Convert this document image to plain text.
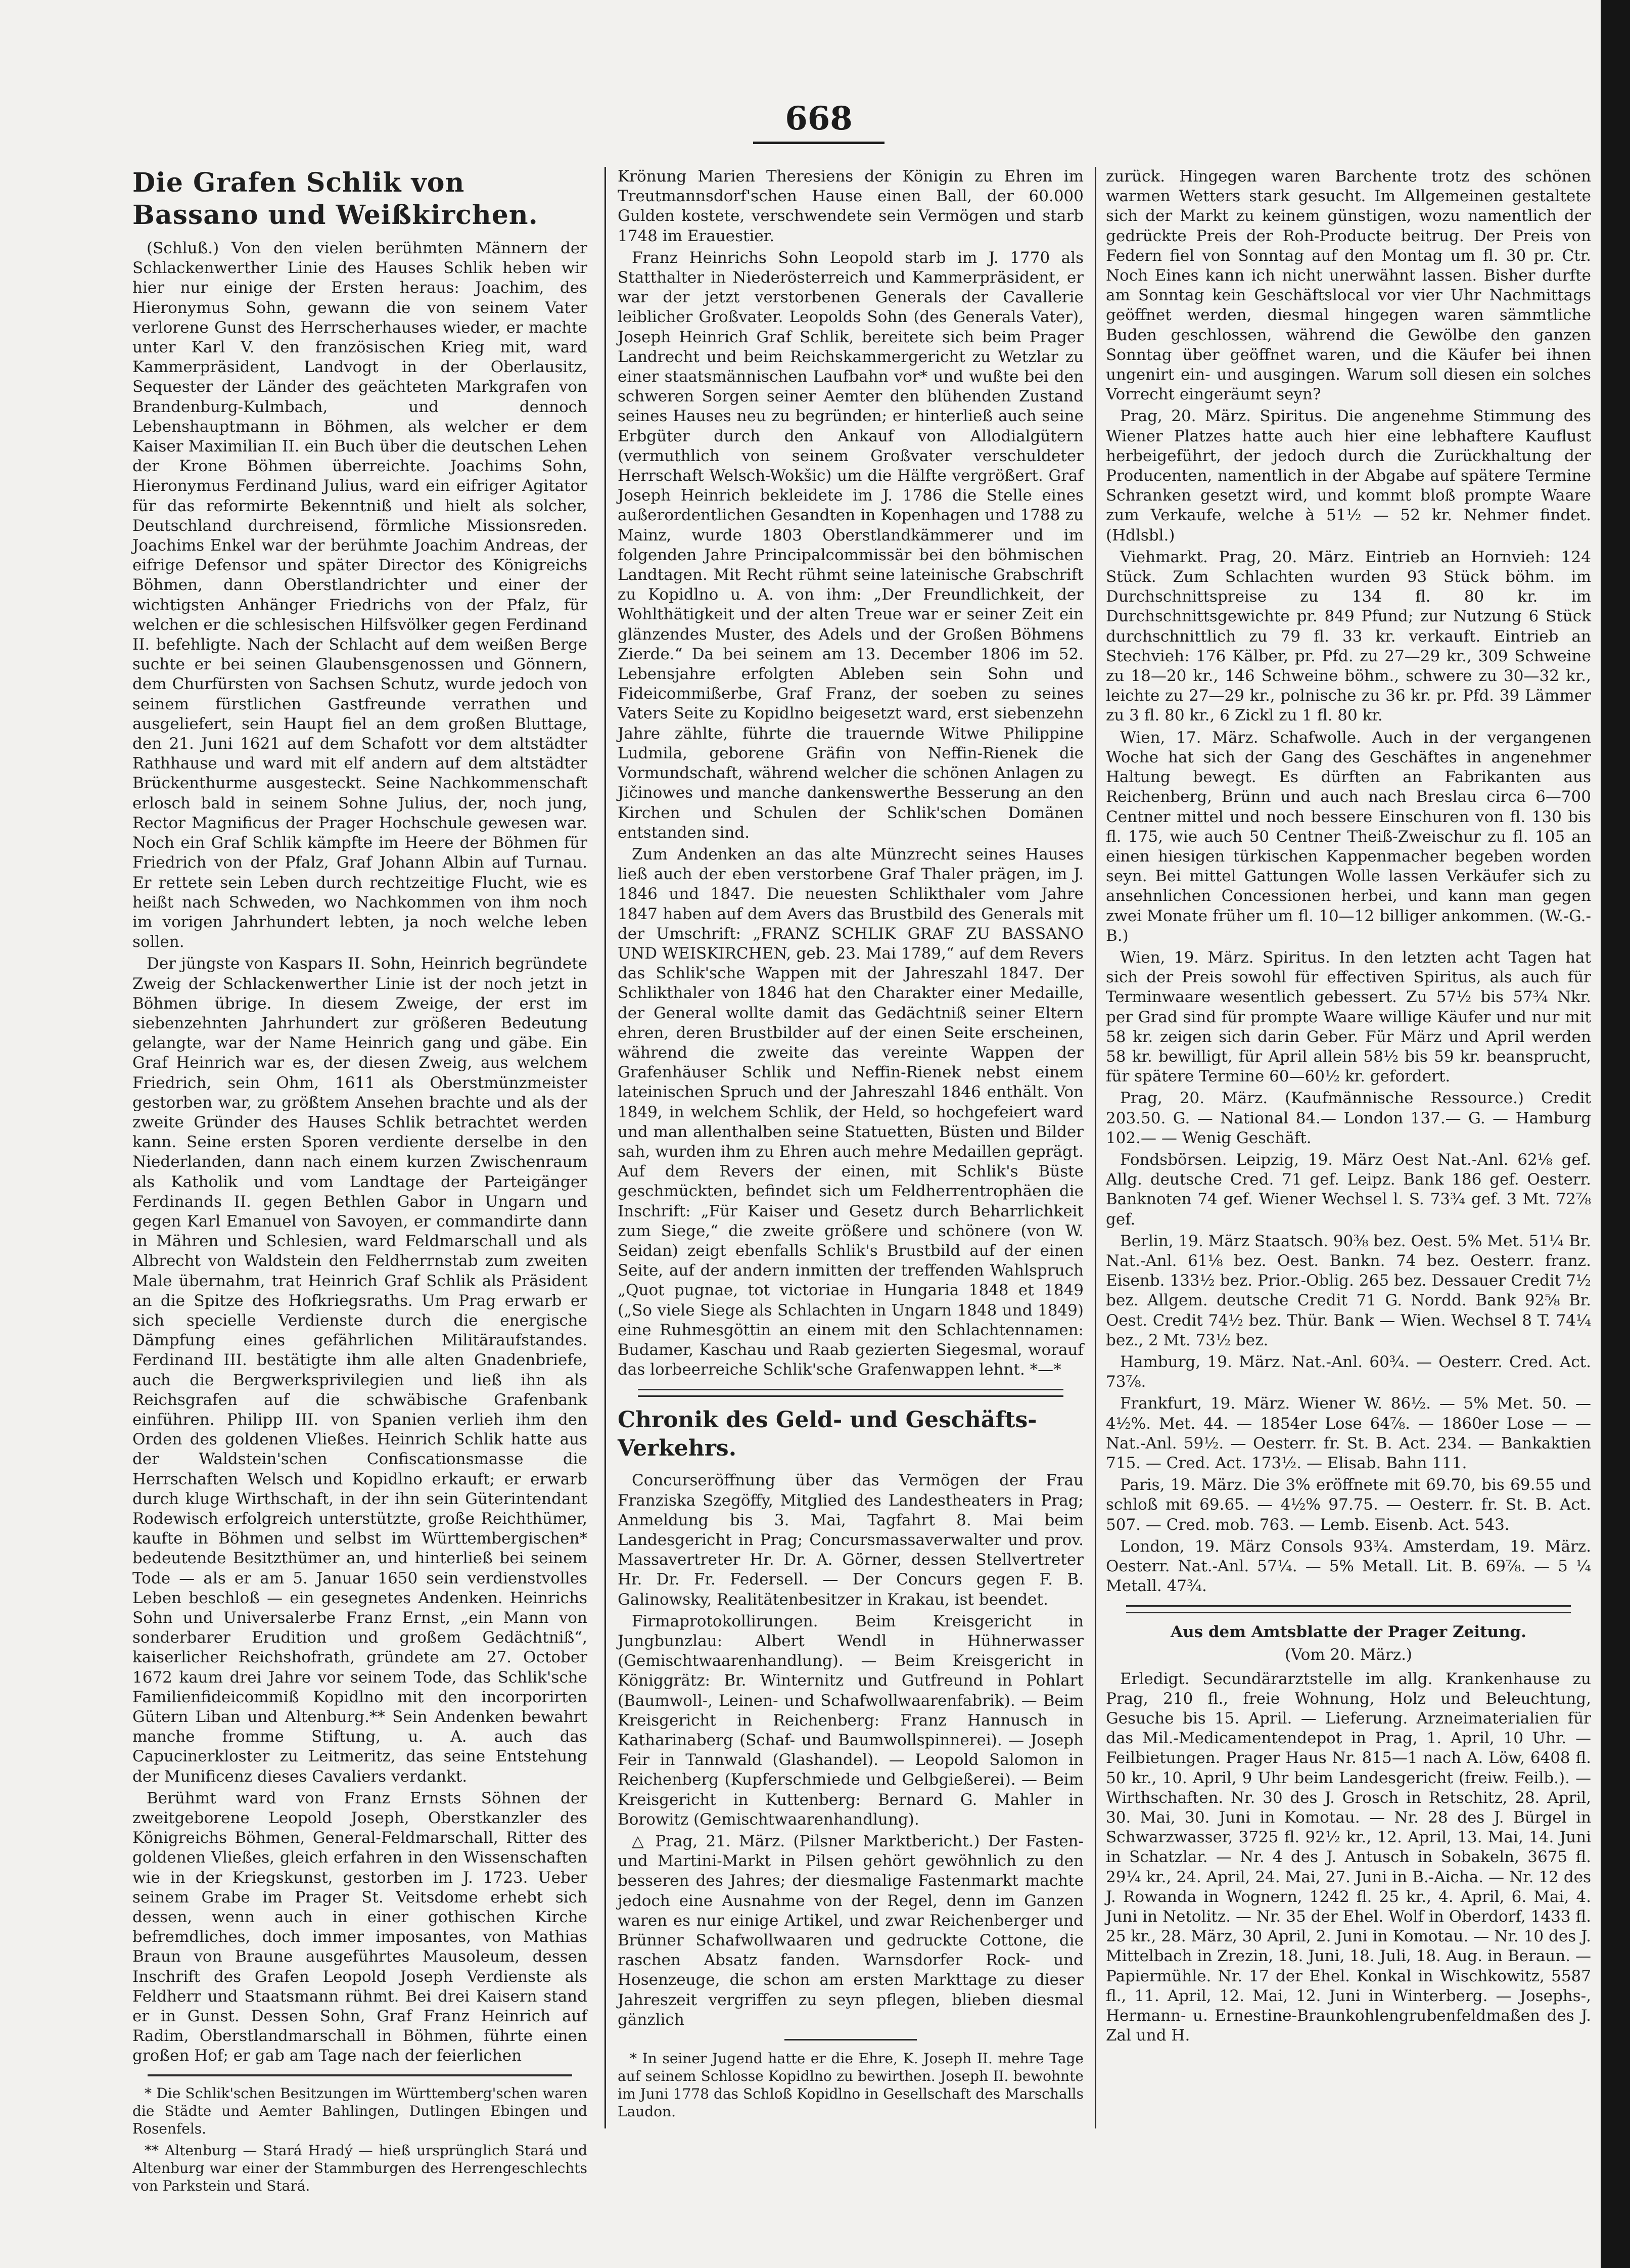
668
Die Grafen Schlik von Bassano und Weißkirchen.

(Schluß.) Von den vielen berühmten Männern der Schlackenwerther Linie des Hauses Schlik heben wir hier nur einige der Ersten heraus: Joachim, des Hieronymus Sohn, gewann die von seinem Vater verlorene Gunst des Herrscherhauses wieder, er machte unter Karl V. den französischen Krieg mit, ward Kammerpräsident, Landvogt in der Oberlausitz, Sequester der Länder des geächteten Markgrafen von Brandenburg-Kulmbach, und dennoch Lebenshauptmann in Böhmen, als welcher er dem Kaiser Maximilian II. ein Buch über die deutschen Lehen der Krone Böhmen überreichte. Joachims Sohn, Hieronymus Ferdinand Julius, ward ein eifriger Agitator für das reformirte Bekenntniß und hielt als solcher, Deutschland durchreisend, förmliche Missionsreden. Joachims Enkel war der berühmte Joachim Andreas, der eifrige Defensor und später Director des Königreichs Böhmen, dann Oberstlandrichter und einer der wichtigsten Anhänger Friedrichs von der Pfalz, für welchen er die schlesischen Hilfsvölker gegen Ferdinand II. befehligte. Nach der Schlacht auf dem weißen Berge suchte er bei seinen Glaubensgenossen und Gönnern, dem Churfürsten von Sachsen Schutz, wurde jedoch von seinem fürstlichen Gastfreunde verrathen und ausgeliefert, sein Haupt fiel an dem großen Bluttage, den 21. Juni 1621 auf dem Schafott vor dem altstädter Rathhause und ward mit elf andern auf dem altstädter Brückenthurme ausgesteckt. Seine Nachkommenschaft erlosch bald in seinem Sohne Julius, der, noch jung, Rector Magnificus der Prager Hochschule gewesen war. Noch ein Graf Schlik kämpfte im Heere der Böhmen für Friedrich von der Pfalz, Graf Johann Albin auf Turnau. Er rettete sein Leben durch rechtzeitige Flucht, wie es heißt nach Schweden, wo Nachkommen von ihm noch im vorigen Jahrhundert lebten, ja noch welche leben sollen.

Der jüngste von Kaspars II. Sohn, Heinrich begründete Zweig der Schlackenwerther Linie ist der noch jetzt in Böhmen übrige. In diesem Zweige, der erst im siebenzehnten Jahrhundert zur größeren Bedeutung gelangte, war der Name Heinrich gang und gäbe. Ein Graf Heinrich war es, der diesen Zweig, aus welchem Friedrich, sein Ohm, 1611 als Oberstmünzmeister gestorben war, zu größtem Ansehen brachte und als der zweite Gründer des Hauses Schlik betrachtet werden kann. Seine ersten Sporen verdiente derselbe in den Niederlanden, dann nach einem kurzen Zwischenraum als Katholik und vom Landtage der Parteigänger Ferdinands II. gegen Bethlen Gabor in Ungarn und gegen Karl Emanuel von Savoyen, er commandirte dann in Mähren und Schlesien, ward Feldmarschall und als Albrecht von Waldstein den Feldherrnstab zum zweiten Male übernahm, trat Heinrich Graf Schlik als Präsident an die Spitze des Hofkriegsraths. Um Prag erwarb er sich specielle Verdienste durch die energische Dämpfung eines gefährlichen Militäraufstandes. Ferdinand III. bestätigte ihm alle alten Gnadenbriefe, auch die Bergwerksprivilegien und ließ ihn als Reichsgrafen auf die schwäbische Grafenbank einführen. Philipp III. von Spanien verlieh ihm den Orden des goldenen Vließes. Heinrich Schlik hatte aus der Waldstein'schen Confiscationsmasse die Herrschaften Welsch und Kopidlno erkauft; er erwarb durch kluge Wirthschaft, in der ihn sein Güterintendant Rodewisch erfolgreich unterstützte, große Reichthümer, kaufte in Böhmen und selbst im Württembergischen* bedeutende Besitzthümer an, und hinterließ bei seinem Tode — als er am 5. Januar 1650 sein verdienstvolles Leben beschloß — ein gesegnetes Andenken. Heinrichs Sohn und Universalerbe Franz Ernst, „ein Mann von sonderbarer Erudition und großem Gedächtniß“, kaiserlicher Reichshofrath, gründete am 27. October 1672 kaum drei Jahre vor seinem Tode, das Schlik'sche Familienfideicommiß Kopidlno mit den incorporirten Gütern Liban und Altenburg.** Sein Andenken bewahrt manche fromme Stiftung, u. A. auch das Capucinerkloster zu Leitmeritz, das seine Entstehung der Munificenz dieses Cavaliers verdankt.

Berühmt ward von Franz Ernsts Söhnen der zweitgeborene Leopold Joseph, Oberstkanzler des Königreichs Böhmen, General-Feldmarschall, Ritter des goldenen Vließes, gleich erfahren in den Wissenschaften wie in der Kriegskunst, gestorben im J. 1723. Ueber seinem Grabe im Prager St. Veitsdome erhebt sich dessen, wenn auch in einer gothischen Kirche befremdliches, doch immer imposantes, von Mathias Braun von Braune ausgeführtes Mausoleum, dessen Inschrift des Grafen Leopold Joseph Verdienste als Feldherr und Staatsmann rühmt. Bei drei Kaisern stand er in Gunst. Dessen Sohn, Graf Franz Heinrich auf Radim, Oberstlandmarschall in Böhmen, führte einen großen Hof; er gab am Tage nach der feierlichen

* Die Schlik'schen Besitzungen im Württemberg'schen waren die Städte und Aemter Bahlingen, Dutlingen Ebingen und Rosenfels.

** Altenburg — Stará Hradý — hieß ursprünglich Stará und Altenburg war einer der Stammburgen des Herrengeschlechts von Parkstein und Stará.

Krönung Marien Theresiens der Königin zu Ehren im Treutmannsdorf'schen Hause einen Ball, der 60.000 Gulden kostete, verschwendete sein Vermögen und starb 1748 im Erauestier.

Franz Heinrichs Sohn Leopold starb im J. 1770 als Statthalter in Niederösterreich und Kammerpräsident, er war der jetzt verstorbenen Generals der Cavallerie leiblicher Großvater. Leopolds Sohn (des Generals Vater), Joseph Heinrich Graf Schlik, bereitete sich beim Prager Landrecht und beim Reichskammergericht zu Wetzlar zu einer staatsmännischen Laufbahn vor* und wußte bei den schweren Sorgen seiner Aemter den blühenden Zustand seines Hauses neu zu begründen; er hinterließ auch seine Erbgüter durch den Ankauf von Allodialgütern (vermuthlich von seinem Großvater verschuldeter Herrschaft Welsch-Wokšic) um die Hälfte vergrößert. Graf Joseph Heinrich bekleidete im J. 1786 die Stelle eines außerordentlichen Gesandten in Kopenhagen und 1788 zu Mainz, wurde 1803 Oberstlandkämmerer und im folgenden Jahre Principalcommissär bei den böhmischen Landtagen. Mit Recht rühmt seine lateinische Grabschrift zu Kopidlno u. A. von ihm: „Der Freundlichkeit, der Wohlthätigkeit und der alten Treue war er seiner Zeit ein glänzendes Muster, des Adels und der Großen Böhmens Zierde.“ Da bei seinem am 13. December 1806 im 52. Lebensjahre erfolgten Ableben sein Sohn und Fideicommißerbe, Graf Franz, der soeben zu seines Vaters Seite zu Kopidlno beigesetzt ward, erst siebenzehn Jahre zählte, führte die trauernde Witwe Philippine Ludmila, geborene Gräfin von Neffin-Rienek die Vormundschaft, während welcher die schönen Anlagen zu Jičinowes und manche dankenswerthe Besserung an den Kirchen und Schulen der Schlik'schen Domänen entstanden sind.

Zum Andenken an das alte Münzrecht seines Hauses ließ auch der eben verstorbene Graf Thaler prägen, im J. 1846 und 1847. Die neuesten Schlikthaler vom Jahre 1847 haben auf dem Avers das Brustbild des Generals mit der Umschrift: „FRANZ SCHLIK GRAF ZU BASSANO UND WEISKIRCHEN, geb. 23. Mai 1789,“ auf dem Revers das Schlik'sche Wappen mit der Jahreszahl 1847. Der Schlikthaler von 1846 hat den Charakter einer Medaille, der General wollte damit das Gedächtniß seiner Eltern ehren, deren Brustbilder auf der einen Seite erscheinen, während die zweite das vereinte Wappen der Grafenhäuser Schlik und Neffin-Rienek nebst einem lateinischen Spruch und der Jahreszahl 1846 enthält. Von 1849, in welchem Schlik, der Held, so hochgefeiert ward und man allenthalben seine Statuetten, Büsten und Bilder sah, wurden ihm zu Ehren auch mehre Medaillen geprägt. Auf dem Revers der einen, mit Schlik's Büste geschmückten, befindet sich um Feldherrentrophäen die Inschrift: „Für Kaiser und Gesetz durch Beharrlichkeit zum Siege,“ die zweite größere und schönere (von W. Seidan) zeigt ebenfalls Schlik's Brustbild auf der einen Seite, auf der andern inmitten der treffenden Wahlspruch „Quot pugnae, tot victoriae in Hungaria 1848 et 1849 („So viele Siege als Schlachten in Ungarn 1848 und 1849) eine Ruhmesgöttin an einem mit den Schlachtennamen: Budamer, Kaschau und Raab gezierten Siegesmal, worauf das lorbeerreiche Schlik'sche Grafenwappen lehnt. *—*

Chronik des Geld- und Geschäfts-Verkehrs.

Concurseröffnung über das Vermögen der Frau Franziska Szegöffy, Mitglied des Landestheaters in Prag; Anmeldung bis 3. Mai, Tagfahrt 8. Mai beim Landesgericht in Prag; Concursmassaverwalter und prov. Massavertreter Hr. Dr. A. Görner, dessen Stellvertreter Hr. Dr. Fr. Federsell. — Der Concurs gegen F. B. Galinowsky, Realitätenbesitzer in Krakau, ist beendet.

Firmaprotokollirungen. Beim Kreisgericht in Jungbunzlau: Albert Wendl in Hühnerwasser (Gemischtwaarenhandlung). — Beim Kreisgericht in Königgrätz: Br. Winternitz und Gutfreund in Pohlart (Baumwoll-, Leinen- und Schafwollwaarenfabrik). — Beim Kreisgericht in Reichenberg: Franz Hannusch in Katharinaberg (Schaf- und Baumwollspinnerei). — Joseph Feir in Tannwald (Glashandel). — Leopold Salomon in Reichenberg (Kupferschmiede und Gelbgießerei). — Beim Kreisgericht in Kuttenberg: Bernard G. Mahler in Borowitz (Gemischtwaarenhandlung).

△ Prag, 21. März. (Pilsner Marktbericht.) Der Fasten- und Martini-Markt in Pilsen gehört gewöhnlich zu den besseren des Jahres; der diesmalige Fastenmarkt machte jedoch eine Ausnahme von der Regel, denn im Ganzen waren es nur einige Artikel, und zwar Reichenberger und Brünner Schafwollwaaren und gedruckte Cottone, die raschen Absatz fanden. Warnsdorfer Rock- und Hosenzeuge, die schon am ersten Markttage zu dieser Jahreszeit vergriffen zu seyn pflegen, blieben diesmal gänzlich

* In seiner Jugend hatte er die Ehre, K. Joseph II. mehre Tage auf seinem Schlosse Kopidlno zu bewirthen. Joseph II. bewohnte im Juni 1778 das Schloß Kopidlno in Gesellschaft des Marschalls Laudon.

zurück. Hingegen waren Barchente trotz des schönen warmen Wetters stark gesucht. Im Allgemeinen gestaltete sich der Markt zu keinem günstigen, wozu namentlich der gedrückte Preis der Roh-Producte beitrug. Der Preis von Federn fiel von Sonntag auf den Montag um fl. 30 pr. Ctr. Noch Eines kann ich nicht unerwähnt lassen. Bisher durfte am Sonntag kein Geschäftslocal vor vier Uhr Nachmittags geöffnet werden, diesmal hingegen waren sämmtliche Buden geschlossen, während die Gewölbe den ganzen Sonntag über geöffnet waren, und die Käufer bei ihnen ungenirt ein- und ausgingen. Warum soll diesen ein solches Vorrecht eingeräumt seyn?

Prag, 20. März. Spiritus. Die angenehme Stimmung des Wiener Platzes hatte auch hier eine lebhaftere Kauflust herbeigeführt, der jedoch durch die Zurückhaltung der Producenten, namentlich in der Abgabe auf spätere Termine Schranken gesetzt wird, und kommt bloß prompte Waare zum Verkaufe, welche à 51½ — 52 kr. Nehmer findet. (Hdlsbl.)

Viehmarkt. Prag, 20. März. Eintrieb an Hornvieh: 124 Stück. Zum Schlachten wurden 93 Stück böhm. im Durchschnittspreise zu 134 fl. 80 kr. im Durchschnittsgewichte pr. 849 Pfund; zur Nutzung 6 Stück durchschnittlich zu 79 fl. 33 kr. verkauft. Eintrieb an Stechvieh: 176 Kälber, pr. Pfd. zu 27—29 kr., 309 Schweine zu 18—20 kr., 146 Schweine böhm., schwere zu 30—32 kr., leichte zu 27—29 kr., polnische zu 36 kr. pr. Pfd. 39 Lämmer zu 3 fl. 80 kr., 6 Zickl zu 1 fl. 80 kr.

Wien, 17. März. Schafwolle. Auch in der vergangenen Woche hat sich der Gang des Geschäftes in angenehmer Haltung bewegt. Es dürften an Fabrikanten aus Reichenberg, Brünn und auch nach Breslau circa 6—700 Centner mittel und noch bessere Einschuren von fl. 130 bis fl. 175, wie auch 50 Centner Theiß-Zweischur zu fl. 105 an einen hiesigen türkischen Kappenmacher begeben worden seyn. Bei mittel Gattungen Wolle lassen Verkäufer sich zu ansehnlichen Concessionen herbei, und kann man gegen zwei Monate früher um fl. 10—12 billiger ankommen. (W.-G.-B.)

Wien, 19. März. Spiritus. In den letzten acht Tagen hat sich der Preis sowohl für effectiven Spiritus, als auch für Terminwaare wesentlich gebessert. Zu 57½ bis 57¾ Nkr. per Grad sind für prompte Waare willige Käufer und nur mit 58 kr. zeigen sich darin Geber. Für März und April werden 58 kr. bewilligt, für April allein 58½ bis 59 kr. beansprucht, für spätere Termine 60—60½ kr. gefordert.

Prag, 20. März. (Kaufmännische Ressource.) Credit 203.50. G. — National 84.— London 137.— G. — Hamburg 102.— — Wenig Geschäft.

Fondsbörsen. Leipzig, 19. März Oest Nat.-Anl. 62⅛ gef. Allg. deutsche Cred. 71 gef. Leipz. Bank 186 gef. Oesterr. Banknoten 74 gef. Wiener Wechsel l. S. 73¾ gef. 3 Mt. 72⅞ gef.

Berlin, 19. März Staatsch. 90⅜ bez. Oest. 5% Met. 51¼ Br. Nat.-Anl. 61⅛ bez. Oest. Bankn. 74 bez. Oesterr. franz. Eisenb. 133½ bez. Prior.-Oblig. 265 bez. Dessauer Credit 7½ bez. Allgem. deutsche Credit 71 G. Nordd. Bank 92⅝ Br. Oest. Credit 74½ bez. Thür. Bank — Wien. Wechsel 8 T. 74¼ bez., 2 Mt. 73½ bez.

Hamburg, 19. März. Nat.-Anl. 60¾. — Oesterr. Cred. Act. 73⅞.

Frankfurt, 19. März. Wiener W. 86½. — 5% Met. 50. — 4½%. Met. 44. — 1854er Lose 64⅞. — 1860er Lose — — Nat.-Anl. 59½. — Oesterr. fr. St. B. Act. 234. — Bankaktien 715. — Cred. Act. 173½. — Elisab. Bahn 111.

Paris, 19. März. Die 3% eröffnete mit 69.70, bis 69.55 und schloß mit 69.65. — 4½% 97.75. — Oesterr. fr. St. B. Act. 507. — Cred. mob. 763. — Lemb. Eisenb. Act. 543.

London, 19. März Consols 93¾. Amsterdam, 19. März. Oesterr. Nat.-Anl. 57¼. — 5% Metall. Lit. B. 69⅞. — 5 ¼ Metall. 47¾.

Aus dem Amtsblatte der Prager Zeitung.
(Vom 20. März.)

Erledigt. Secundärarztstelle im allg. Krankenhause zu Prag, 210 fl., freie Wohnung, Holz und Beleuchtung, Gesuche bis 15. April. — Lieferung. Arzneimaterialien für das Mil.-Medicamentendepot in Prag, 1. April, 10 Uhr. — Feilbietungen. Prager Haus Nr. 815—1 nach A. Löw, 6408 fl. 50 kr., 10. April, 9 Uhr beim Landesgericht (freiw. Feilb.). — Wirthschaften. Nr. 30 des J. Grosch in Retschitz, 28. April, 30. Mai, 30. Juni in Komotau. — Nr. 28 des J. Bürgel in Schwarzwasser, 3725 fl. 92½ kr., 12. April, 13. Mai, 14. Juni in Schatzlar. — Nr. 4 des J. Antusch in Sobakeln, 3675 fl. 29¼ kr., 24. April, 24. Mai, 27. Juni in B.-Aicha. — Nr. 12 des J. Rowanda in Wognern, 1242 fl. 25 kr., 4. April, 6. Mai, 4. Juni in Netolitz. — Nr. 35 der Ehel. Wolf in Oberdorf, 1433 fl. 25 kr., 28. März, 30 April, 2. Juni in Komotau. — Nr. 10 des J. Mittelbach in Zrezin, 18. Juni, 18. Juli, 18. Aug. in Beraun. — Papiermühle. Nr. 17 der Ehel. Konkal in Wischkowitz, 5587 fl., 11. April, 12. Mai, 12. Juni in Winterberg. — Josephs-, Hermann- u. Ernestine-Braunkohlengrubenfeldmaßen des J. Zal und H.
